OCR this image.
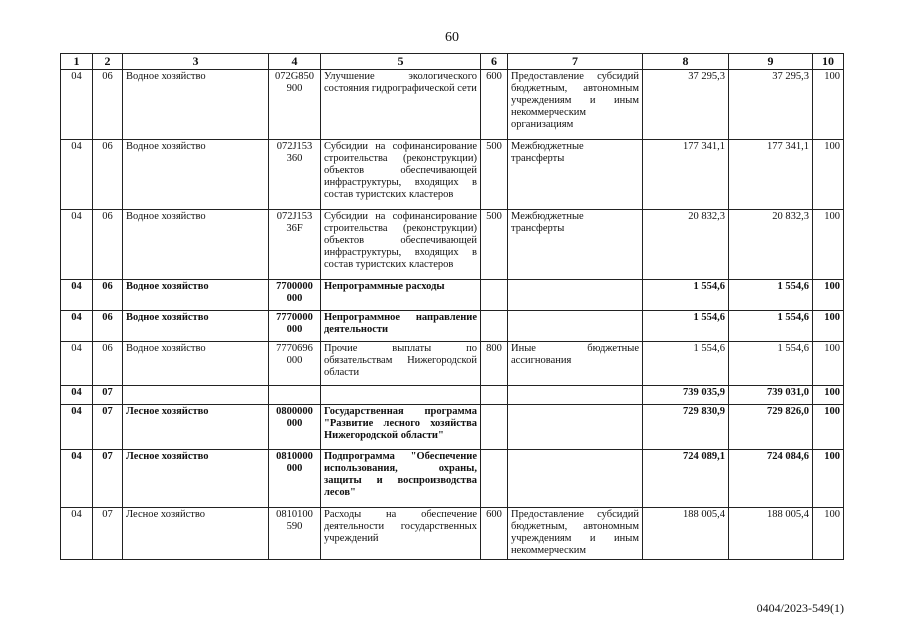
60
1	2	3	4	5	6	7	8	9	10
04	06	Водное хозяйство	072G850 900	Улучшение экологического состояния гидрографической сети	600	Предоставление субсидий бюджетным, автономным учреждениям и иным некоммерческим организациям	37 295,3	37 295,3	100
04	06	Водное хозяйство	072J153 360	Субсидии на софинансирование строительства (реконструкции) объектов обеспечивающей инфраструктуры, входящих в состав туристских кластеров	500	Межбюджетные трансферты	177 341,1	177 341,1	100
04	06	Водное хозяйство	072J153 36F	Субсидии на софинансирование строительства (реконструкции) объектов обеспечивающей инфраструктуры, входящих в состав туристских кластеров	500	Межбюджетные трансферты	20 832,3	20 832,3	100
04	06	Водное хозяйство	7700000 000	Непрограммные расходы			1 554,6	1 554,6	100
04	06	Водное хозяйство	7770000 000	Непрограммное направление деятельности			1 554,6	1 554,6	100
04	06	Водное хозяйство	7770696 000	Прочие выплаты по обязательствам Нижегородской области	800	Иные бюджетные ассигнования	1 554,6	1 554,6	100
04	07						739 035,9	739 031,0	100
04	07	Лесное хозяйство	0800000 000	Государственная программа "Развитие лесного хозяйства Нижегородской области"			729 830,9	729 826,0	100
04	07	Лесное хозяйство	0810000 000	Подпрограмма "Обеспечение использования, охраны, защиты и воспроизводства лесов"			724 089,1	724 084,6	100
04	07	Лесное хозяйство	0810100 590	Расходы на обеспечение деятельности государственных учреждений	600	Предоставление субсидий бюджетным, автономным учреждениям и иным некоммерческим	188 005,4	188 005,4	100
0404/2023-549(1)
